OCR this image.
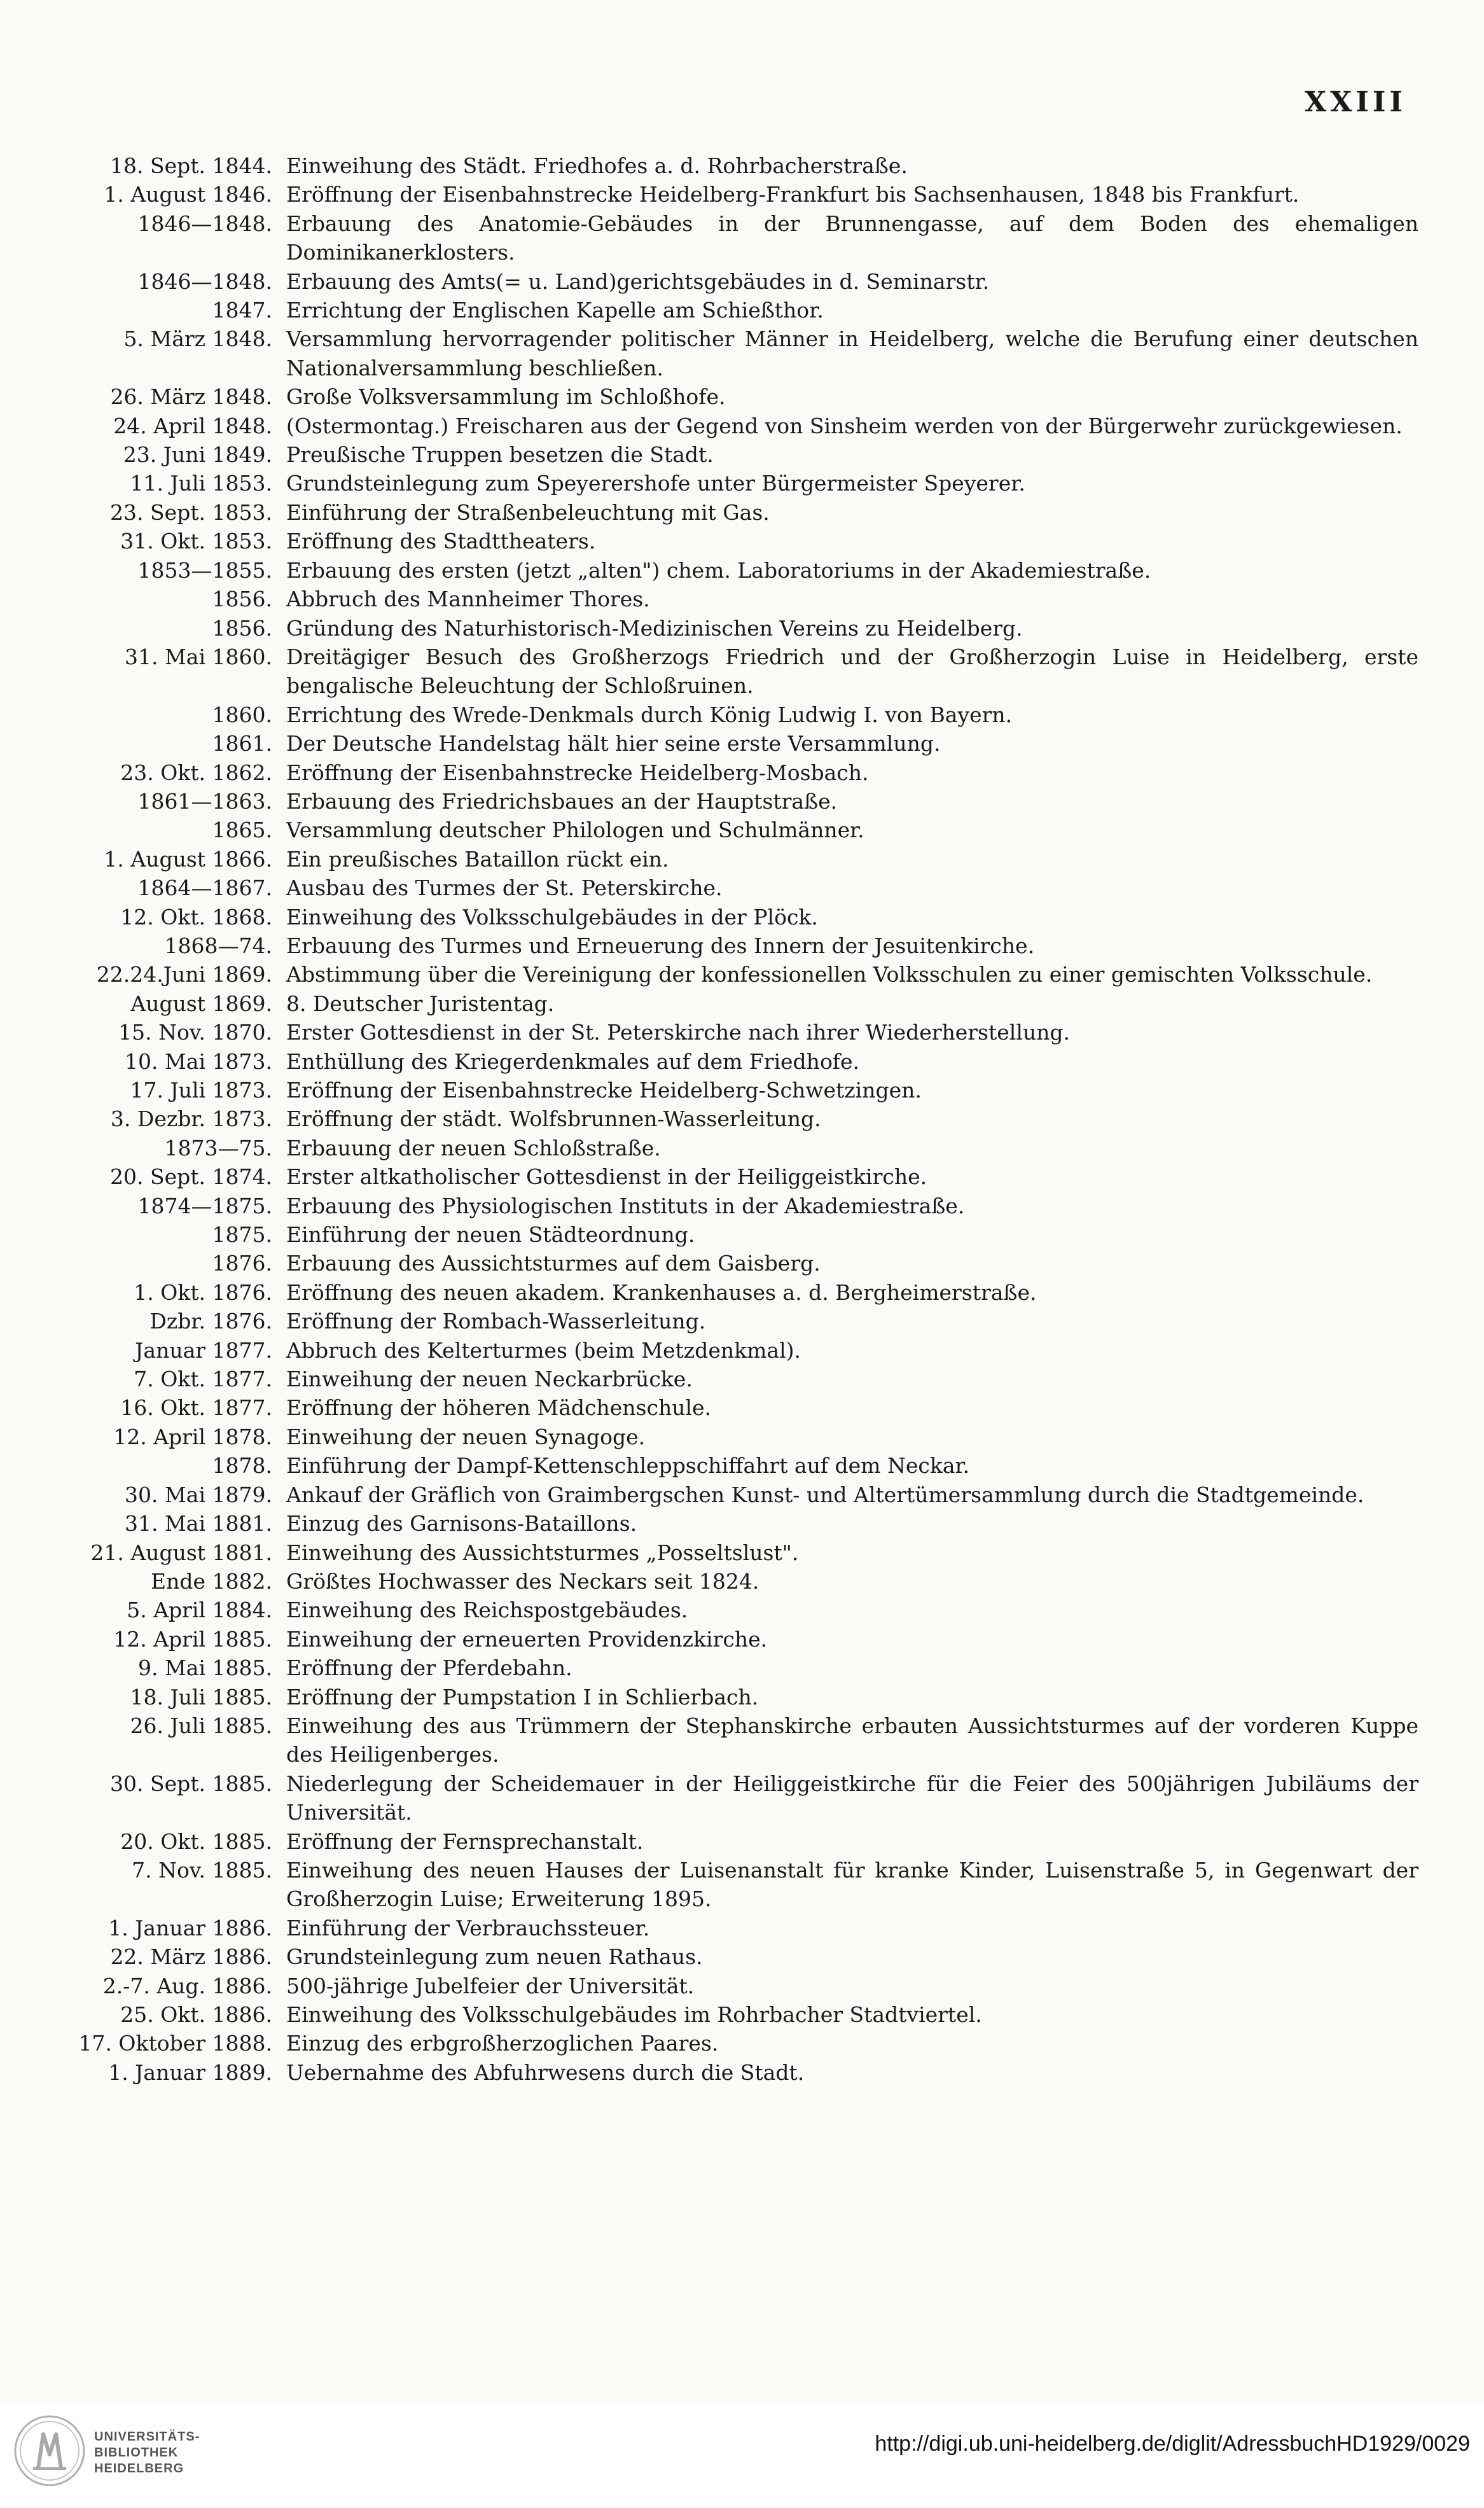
XXIII
18. Sept. 1844. Einweihung des Städt. Friedhofes a. d. Rohrbacherstraße.
1. August 1846. Eröffnung der Eisenbahnstrecke Heidelberg-Frankfurt bis Sachsenhausen, 1848 bis Frankfurt.
1846—1848. Erbauung des Anatomie-Gebäudes in der Brunnengasse, auf dem Boden des ehemaligen Dominikanerklosters.
1846—1848. Erbauung des Amts(= u. Land)gerichtsgebäudes in d. Seminarstr.
1847. Errichtung der Englischen Kapelle am Schießthor.
5. März 1848. Versammlung hervorragender politischer Männer in Heidelberg, welche die Berufung einer deutschen Nationalversammlung beschließen.
26. März 1848. Große Volksversammlung im Schloßhofe.
24. April 1848. (Ostermontag.) Freischaren aus der Gegend von Sinsheim werden von der Bürgerwehr zurückgewiesen.
23. Juni 1849. Preußische Truppen besetzen die Stadt.
11. Juli 1853. Grundsteinlegung zum Speyerershofe unter Bürgermeister Speyerer.
23. Sept. 1853. Einführung der Straßenbeleuchtung mit Gas.
31. Okt. 1853. Eröffnung des Stadttheaters.
1853—1855. Erbauung des ersten (jetzt „alten") chem. Laboratoriums in der Akademiestraße.
1856. Abbruch des Mannheimer Thores.
1856. Gründung des Naturhistorisch-Medizinischen Vereins zu Heidelberg.
31. Mai 1860. Dreitägiger Besuch des Großherzogs Friedrich und der Großherzogin Luise in Heidelberg, erste bengalische Beleuchtung der Schloßruinen.
1860. Errichtung des Wrede-Denkmals durch König Ludwig I. von Bayern.
1861. Der Deutsche Handelstag hält hier seine erste Versammlung.
23. Okt. 1862. Eröffnung der Eisenbahnstrecke Heidelberg-Mosbach.
1861—1863. Erbauung des Friedrichsbaues an der Hauptstraße.
1865. Versammlung deutscher Philologen und Schulmänner.
1. August 1866. Ein preußisches Bataillon rückt ein.
1864—1867. Ausbau des Turmes der St. Peterskirche.
12. Okt. 1868. Einweihung des Volksschulgebäudes in der Plöck.
1868—74. Erbauung des Turmes und Erneuerung des Innern der Jesuitenkirche.
22.24.Juni 1869. Abstimmung über die Vereinigung der konfessionellen Volksschulen zu einer gemischten Volksschule.
August 1869. 8. Deutscher Juristentag.
15. Nov. 1870. Erster Gottesdienst in der St. Peterskirche nach ihrer Wiederherstellung.
10. Mai 1873. Enthüllung des Kriegerdenkmales auf dem Friedhofe.
17. Juli 1873. Eröffnung der Eisenbahnstrecke Heidelberg-Schwetzingen.
3. Dezbr. 1873. Eröffnung der städt. Wolfsbrunnen-Wasserleitung.
1873—75. Erbauung der neuen Schloßstraße.
20. Sept. 1874. Erster altkatholischer Gottesdienst in der Heiliggeistkirche.
1874—1875. Erbauung des Physiologischen Instituts in der Akademiestraße.
1875. Einführung der neuen Städteordnung.
1876. Erbauung des Aussichtsturmes auf dem Gaisberg.
1. Okt. 1876. Eröffnung des neuen akadem. Krankenhauses a. d. Bergheimerstraße.
Dzbr. 1876. Eröffnung der Rombach-Wasserleitung.
Januar 1877. Abbruch des Kelterturmes (beim Metzdenkmal).
7. Okt. 1877. Einweihung der neuen Neckarbrücke.
16. Okt. 1877. Eröffnung der höheren Mädchenschule.
12. April 1878. Einweihung der neuen Synagoge.
1878. Einführung der Dampf-Kettenschleppschiffahrt auf dem Neckar.
30. Mai 1879. Ankauf der Gräflich von Graimbergschen Kunst- und Altertümersammlung durch die Stadtgemeinde.
31. Mai 1881. Einzug des Garnisons-Bataillons.
21. August 1881. Einweihung des Aussichtsturmes „Posseltslust".
Ende 1882. Größtes Hochwasser des Neckars seit 1824.
5. April 1884. Einweihung des Reichspostgebäudes.
12. April 1885. Einweihung der erneuerten Providenzkirche.
9. Mai 1885. Eröffnung der Pferdebahn.
18. Juli 1885. Eröffnung der Pumpstation I in Schlierbach.
26. Juli 1885. Einweihung des aus Trümmern der Stephanskirche erbauten Aussichtsturmes auf der vorderen Kuppe des Heiligenberges.
30. Sept. 1885. Niederlegung der Scheidemauer in der Heiliggeistkirche für die Feier des 500jährigen Jubiläums der Universität.
20. Okt. 1885. Eröffnung der Fernsprechanstalt.
7. Nov. 1885. Einweihung des neuen Hauses der Luisenanstalt für kranke Kinder, Luisenstraße 5, in Gegenwart der Großherzogin Luise; Erweiterung 1895.
1. Januar 1886. Einführung der Verbrauchssteuer.
22. März 1886. Grundsteinlegung zum neuen Rathaus.
2.-7. Aug. 1886. 500-jährige Jubelfeier der Universität.
25. Okt. 1886. Einweihung des Volksschulgebäudes im Rohrbacher Stadtviertel.
17. Oktober 1888. Einzug des erbgroßherzoglichen Paares.
1. Januar 1889. Uebernahme des Abfuhrwesens durch die Stadt.
UNIVERSITÄTS-
BIBLIOTHEK
HEIDELBERG
http://digi.ub.uni-heidelberg.de/diglit/AdressbuchHD1929/0029
